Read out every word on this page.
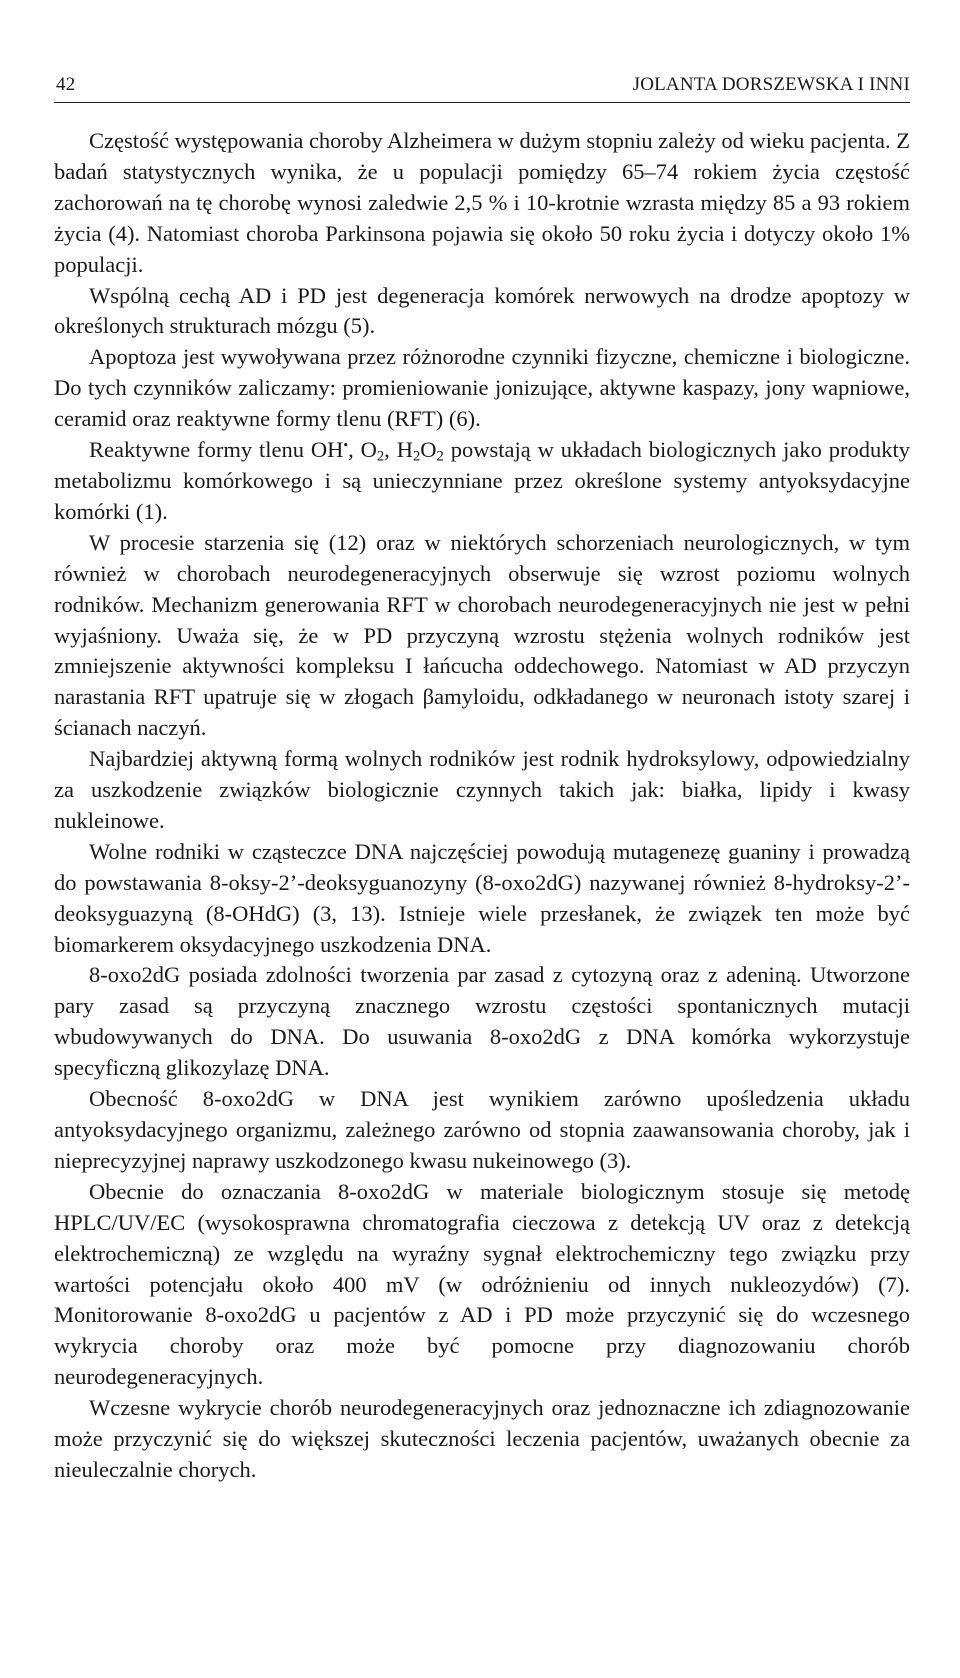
42	JOLANTA DORSZEWSKA I INNI

Częstość występowania choroby Alzheimera w dużym stopniu zależy od wieku pacjenta. Z badań statystycznych wynika, że u populacji pomiędzy 65–74 rokiem życia częstość zachorowań na tę chorobę wynosi zaledwie 2,5 % i 10-krotnie wzrasta między 85 a 93 rokiem życia (4). Natomiast choroba Parkinsona pojawia się około 50 roku życia i dotyczy około 1% populacji.

Wspólną cechą AD i PD jest degeneracja komórek nerwowych na drodze apoptozy w określonych strukturach mózgu (5).

Apoptoza jest wywoływana przez różnorodne czynniki fizyczne, chemiczne i biologiczne. Do tych czynników zaliczamy: promieniowanie jonizujące, aktywne kaspazy, jony wapniowe, ceramid oraz reaktywne formy tlenu (RFT) (6).

Reaktywne formy tlenu OH•, $O_2$, $H_2O_2$ powstają w układach biologicznych jako produkty metabolizmu komórkowego i są unieczynniane przez określone systemy antyoksydacyjne komórki (1).

W procesie starzenia się (12) oraz w niektórych schorzeniach neurologicznych, w tym również w chorobach neurodegeneracyjnych obserwuje się wzrost poziomu wolnych rodników. Mechanizm generowania RFT w chorobach neurodegeneracyjnych nie jest w pełni wyjaśniony. Uważa się, że w PD przyczyną wzrostu stężenia wolnych rodników jest zmniejszenie aktywności kompleksu I łańcucha oddechowego. Natomiast w AD przyczyn narastania RFT upatruje się w złogach βamyloidu, odkładanego w neuronach istoty szarej i ścianach naczyń.

Najbardziej aktywną formą wolnych rodników jest rodnik hydroksylowy, odpowiedzialny za uszkodzenie związków biologicznie czynnych takich jak: białka, lipidy i kwasy nukleinowe.

Wolne rodniki w cząsteczce DNA najczęściej powodują mutagenezę guaniny i prowadzą do powstawania 8-oksy-2’-deoksyguanozyny (8-oxo2dG) nazywanej również 8-hydroksy-2’-deoksyguazyną (8-OHdG) (3, 13). Istnieje wiele przesłanek, że związek ten może być biomarkerem oksydacyjnego uszkodzenia DNA.

8-oxo2dG posiada zdolności tworzenia par zasad z cytozyną oraz z adeniną. Utworzone pary zasad są przyczyną znacznego wzrostu częstości spontanicznych mutacji wbudowywanych do DNA. Do usuwania 8-oxo2dG z DNA komórka wykorzystuje specyficzną glikozylazę DNA.

Obecność 8-oxo2dG w DNA jest wynikiem zarówno upośledzenia układu antyoksydacyjnego organizmu, zależnego zarówno od stopnia zaawansowania choroby, jak i nieprecyzyjnej naprawy uszkodzonego kwasu nukeinowego (3).

Obecnie do oznaczania 8-oxo2dG w materiale biologicznym stosuje się metodę HPLC/UV/EC (wysokosprawna chromatografia cieczowa z detekcją UV oraz z detekcją elektrochemiczną) ze względu na wyraźny sygnał elektrochemiczny tego związku przy wartości potencjału około 400 mV (w odróżnieniu od innych nukleozydów) (7). Monitorowanie 8-oxo2dG u pacjentów z AD i PD może przyczynić się do wczesnego wykrycia choroby oraz może być pomocne przy diagnozowaniu chorób neurodegeneracyjnych.

Wczesne wykrycie chorób neurodegeneracyjnych oraz jednoznaczne ich zdiagnozowanie może przyczynić się do większej skuteczności leczenia pacjentów, uważanych obecnie za nieuleczalnie chorych.
